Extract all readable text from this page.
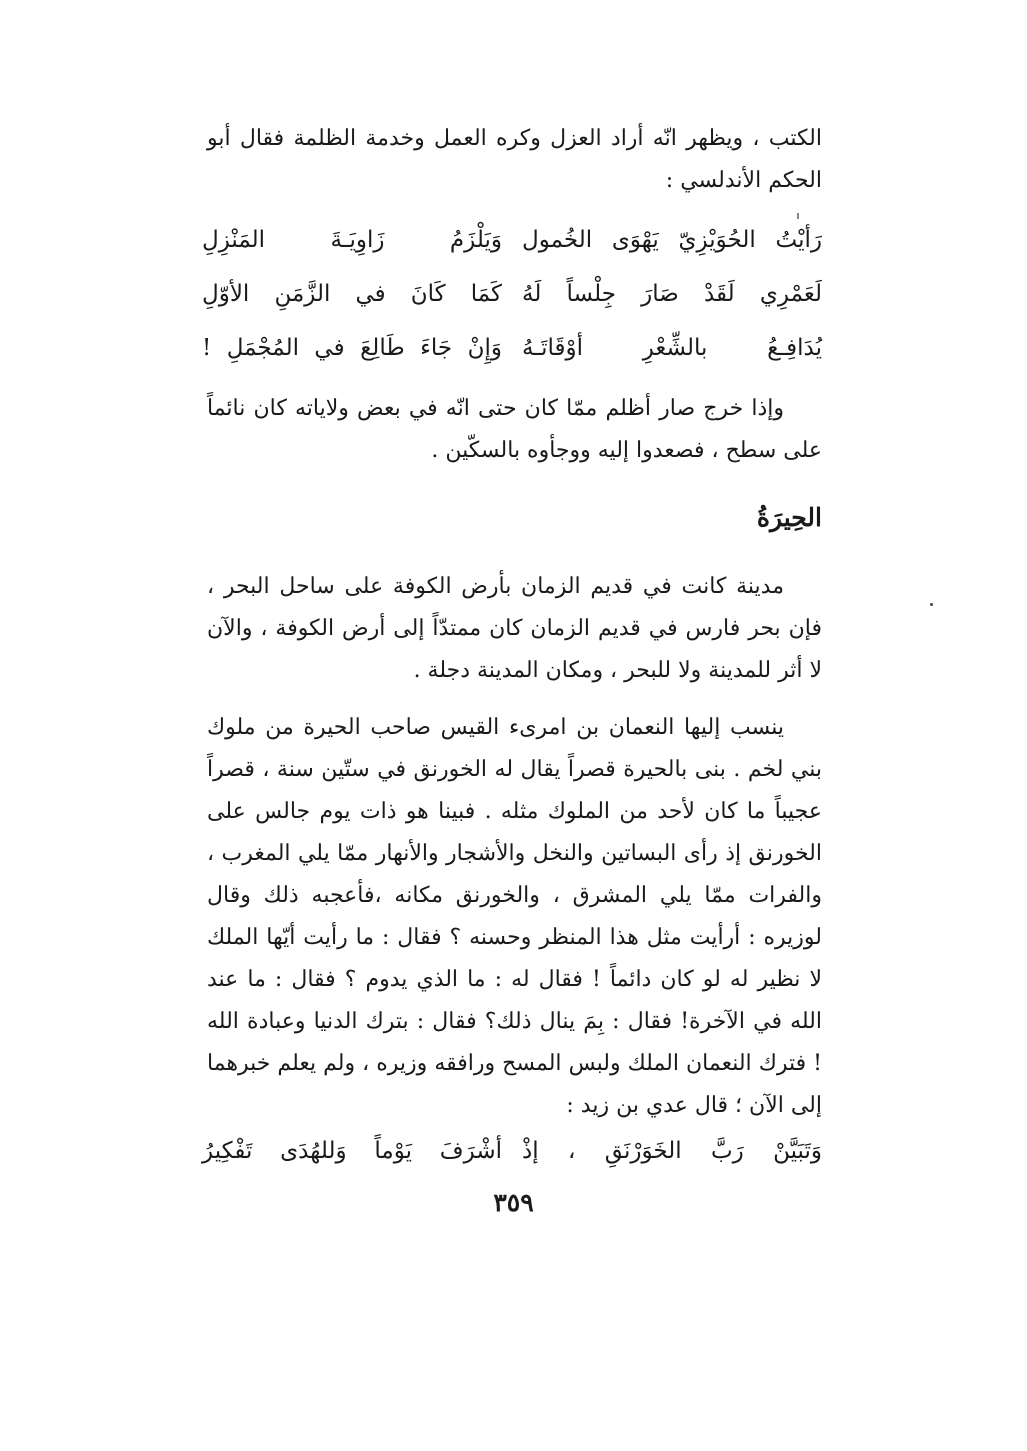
الكتب ، ويظهر انّه أراد العزل وكره العمل وخدمة الظلمة فقال أبو الحكم الأندلسي :

رَأيْتُ الحُوَيْزِيّ يَهْوَى الخُمول
وَيَلْزَمُ زَاوِيَـةَ المَنْزِلِ
لَعَمْرِي لَقَدْ صَارَ جِلْساً لَهُ
كَمَا كَانَ في الزَّمَنِ الأوّلِ
يُدَافِـعُ بالشِّعْرِ أوْقَاتَـهُ
وَإِنْ جَاءَ طَالِعَ في المُجْمَلِ !

وإذا خرج صار أظلم ممّا كان حتى انّه في بعض ولاياته كان نائماً على سطح ، فصعدوا إليه ووجأوه بالسكّين .

الحِيرَةُ

مدينة كانت في قديم الزمان بأرض الكوفة على ساحل البحر ، فإن بحر فارس في قديم الزمان كان ممتدّاً إلى أرض الكوفة ، والآن لا أثر للمدينة ولا للبحر ، ومكان المدينة دجلة .

ينسب إليها النعمان بن امرىء القيس صاحب الحيرة من ملوك بني لخم . بنى بالحيرة قصراً يقال له الخورنق في ستّين سنة ، قصراً عجيباً ما كان لأحد من الملوك مثله . فبينا هو ذات يوم جالس على الخورنق إذ رأى البساتين والنخل والأشجار والأنهار ممّا يلي المغرب ، والفرات ممّا يلي المشرق ، والخورنق مكانه ،فأعجبه ذلك وقال لوزيره : أرأيت مثل هذا المنظر وحسنه ؟ فقال : ما رأيت أيّها الملك لا نظير له لو كان دائماً ! فقال له : ما الذي يدوم ؟ فقال : ما عند الله في الآخرة! فقال : بِمَ ينال ذلك؟ فقال : بترك الدنيا وعبادة الله ! فترك النعمان الملك ولبس المسح ورافقه وزيره ، ولم يعلم خبرهما إلى الآن ؛ قال عدي بن زيد :

وَتَبَيَّنْ رَبَّ الخَوَرْنَقِ ، إذْ
أشْرَفَ يَوْماً وَللهُدَى تَفْكِيرُ
٣٥٩
